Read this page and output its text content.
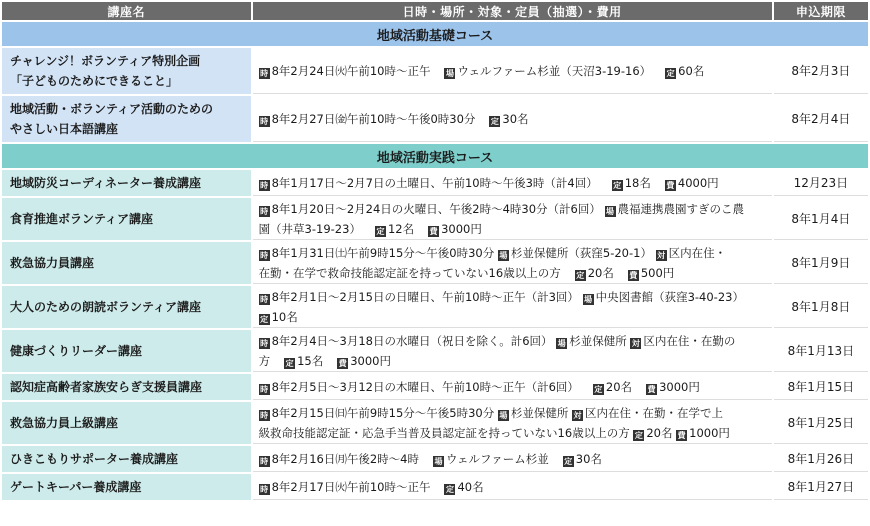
講座名	日時・場所・対象・定員（抽選）・費用	申込期限
地域活動基礎コース		
チャレンジ！ボランティア特別企画
「子どものためにできること」	時8年2月24日㈫午前10時～正午 場 ウェルファーム杉並（天沼3-19-16） 定 60名	8年2月3日
地域活動・ボランティア活動のための
やさしい日本語講座	時8年2月27日㈮午前10時～午後0時30分 定 30名	8年2月4日
地域活動実践コース		
地域防災コーディネーター養成講座	時8年1月17日～2月7日の土曜日、午前10時～午後3時（計4回） 定 18名 費 4000円	12月23日
食育推進ボランティア講座	時8年1月20日～2月24日の火曜日、午後2時～4時30分（計6回） 場 農福連携農園すぎのこ農
園（井草3-19-23） 定 12名 費 3000円	8年1月4日
救急協力員講座	時8年1月31日㈯午前9時15分～午後0時30分 場 杉並保健所（荻窪5-20-1） 対 区内在住・
在勤・在学で救命技能認定証を持っていない16歳以上の方 定 20名 費 500円	8年1月9日
大人のための朗読ボランティア講座	時8年2月1日～2月15日の日曜日、午前10時～正午（計3回） 場 中央図書館（荻窪3-40-23）
定10名	8年1月8日
健康づくりリーダー講座	時8年2月4日～3月18日の水曜日（祝日を除く。計6回） 場 杉並保健所 対 区内在住・在勤の
方 定 15名 費 3000円	8年1月13日
認知症高齢者家族安らぎ支援員講座	時8年2月5日～3月12日の木曜日、午前10時～正午（計6回） 定 20名 費 3000円	8年1月15日
救急協力員上級講座	時8年2月15日㈰午前9時15分～午後5時30分 場 杉並保健所 対 区内在住・在勤・在学で上
級救命技能認定証・応急手当普及員認定証を持っていない16歳以上の方 定 20名 費 1000円	8年1月25日
ひきこもりサポーター養成講座	時8年2月16日㈪午後2時～4時 場 ウェルファーム杉並 定 30名	8年1月26日
ゲートキーパー養成講座	時8年2月17日㈫午前10時～正午 定 40名	8年1月27日
